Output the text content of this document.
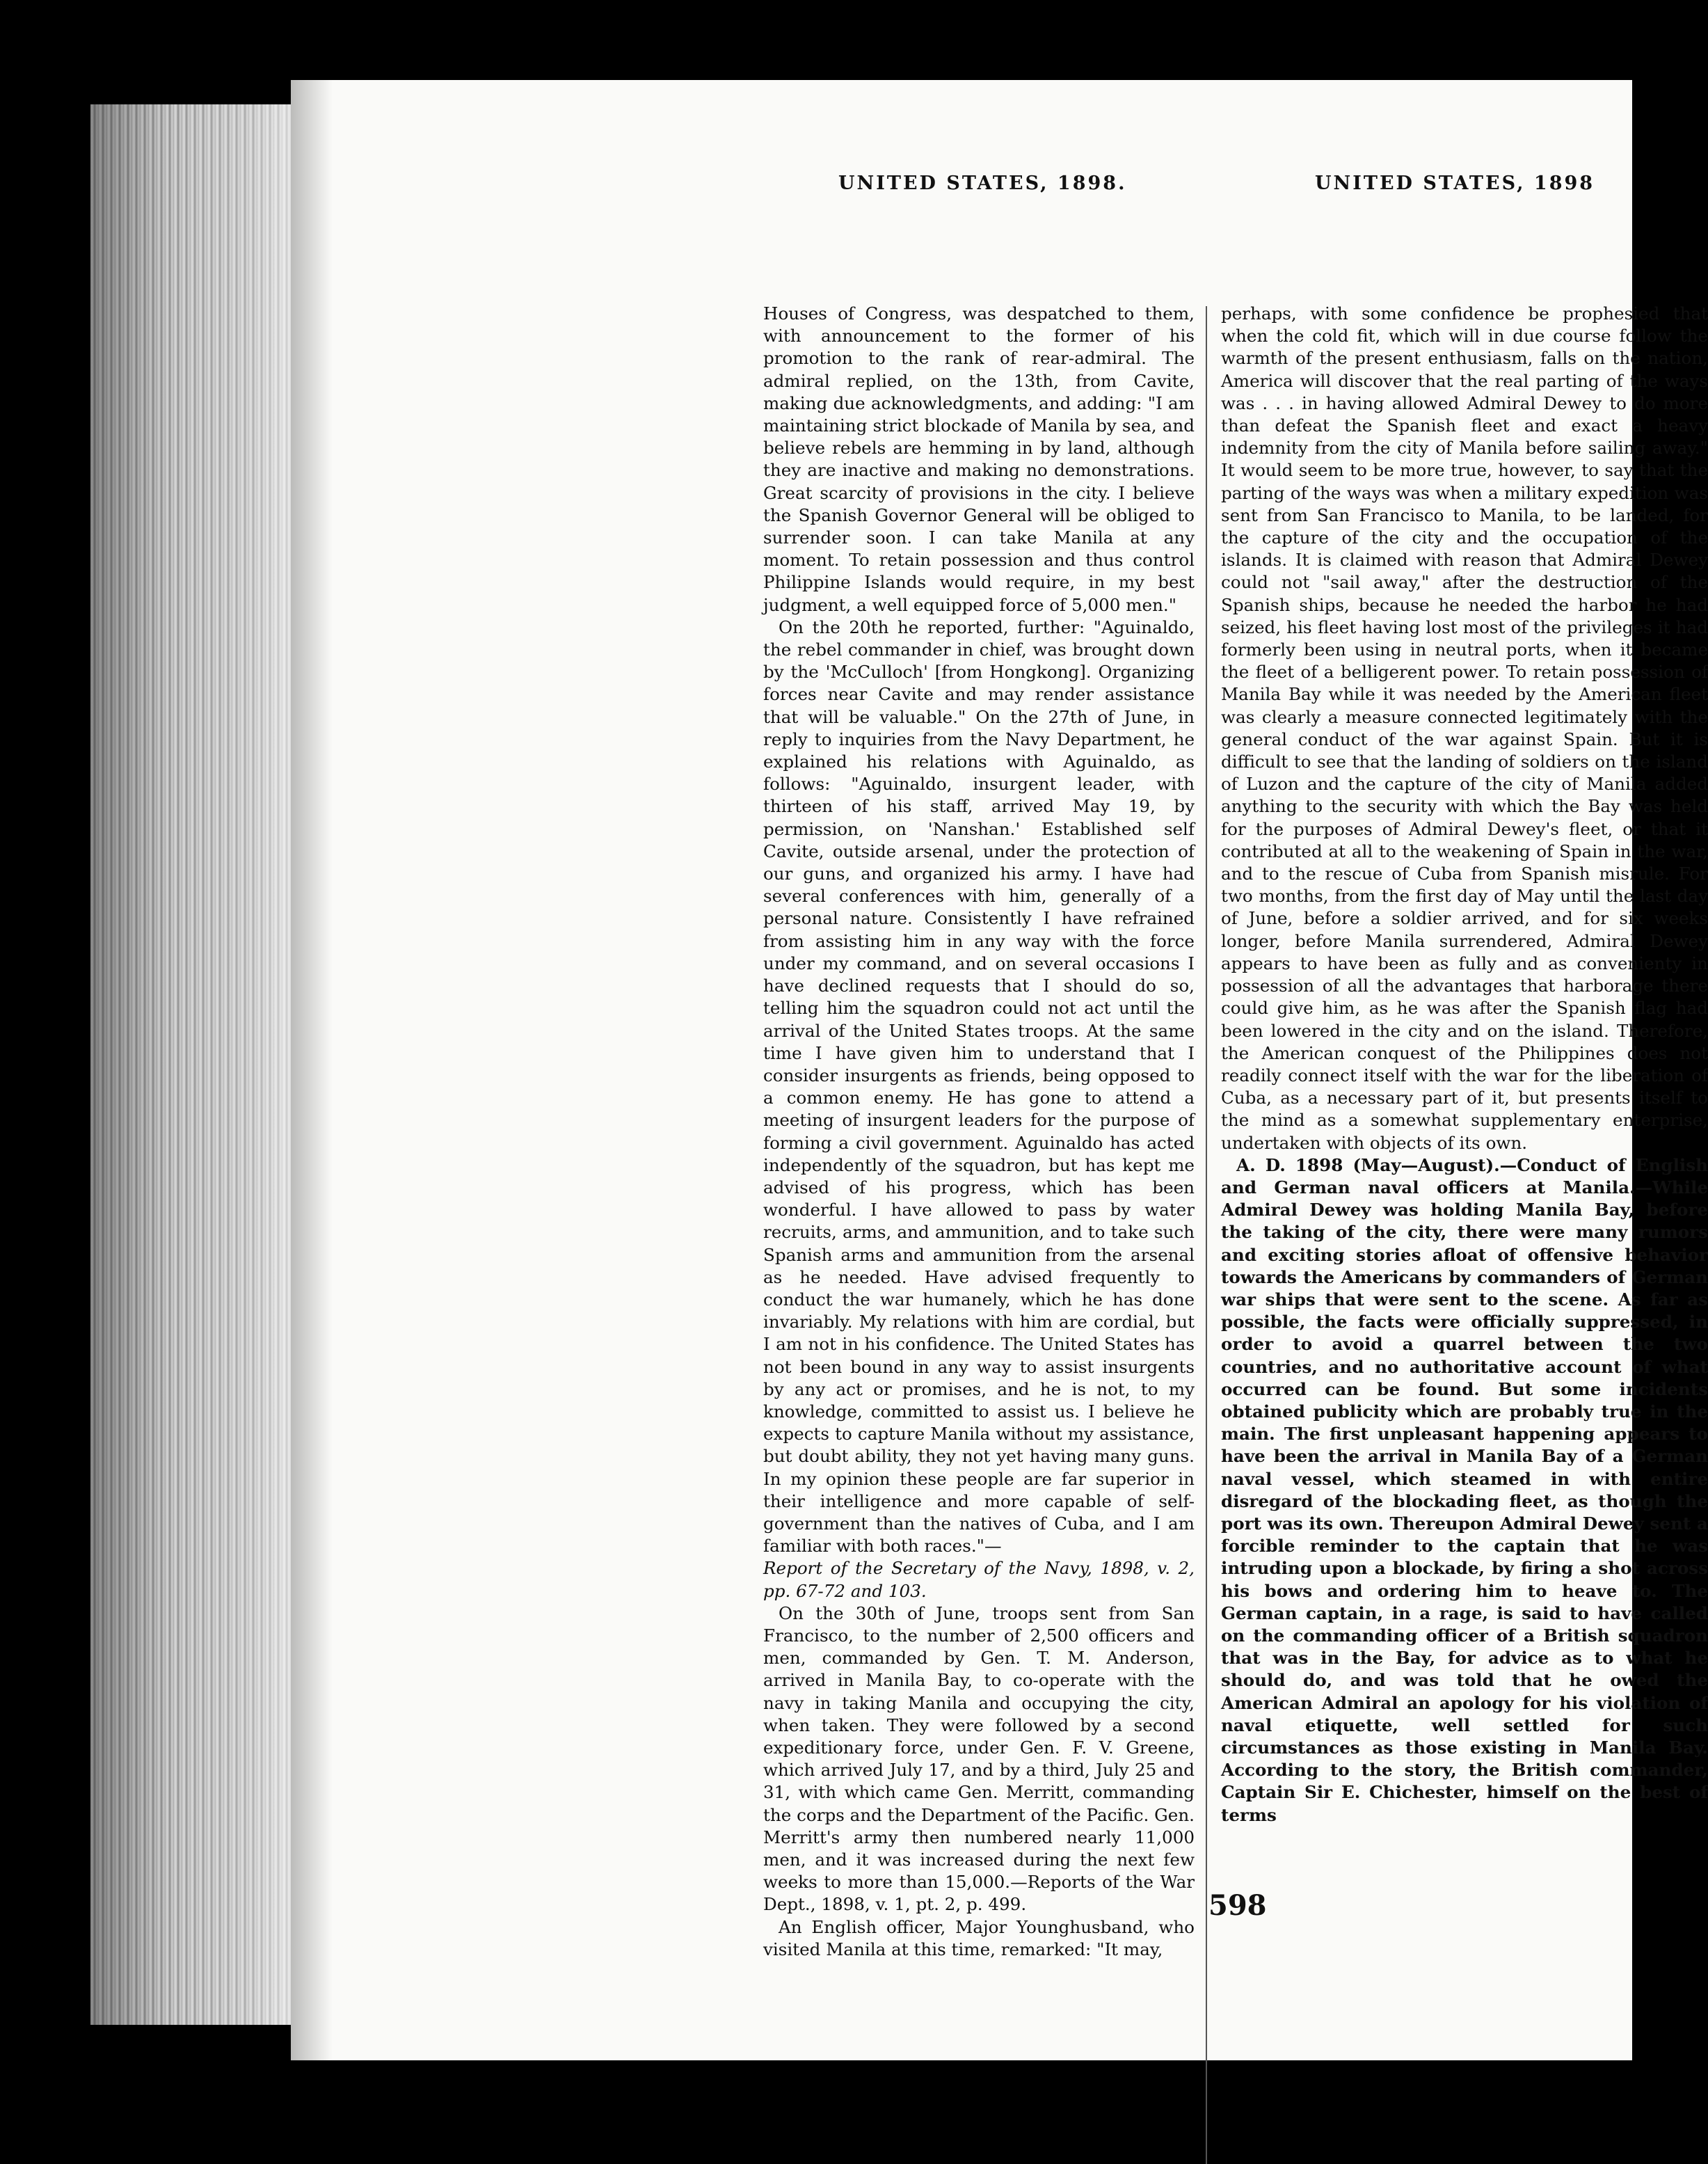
UNITED STATES, 1898.	UNITED STATES, 1898

Houses of Congress, was despatched to them, with announcement to the former of his promotion to the rank of rear-admiral. The admiral replied, on the 13th, from Cavite, making due acknowledgments, and adding: "I am maintaining strict blockade of Manila by sea, and believe rebels are hemming in by land, although they are inactive and making no demonstrations. Great scarcity of provisions in the city. I believe the Spanish Governor General will be obliged to surrender soon. I can take Manila at any moment. To retain possession and thus control Philippine Islands would require, in my best judgment, a well equipped force of 5,000 men."

On the 20th he reported, further: "Aguinaldo, the rebel commander in chief, was brought down by the 'McCulloch' [from Hongkong]. Organizing forces near Cavite and may render assistance that will be valuable." On the 27th of June, in reply to inquiries from the Navy Department, he explained his relations with Aguinaldo, as follows: "Aguinaldo, insurgent leader, with thirteen of his staff, arrived May 19, by permission, on 'Nanshan.' Established self Cavite, outside arsenal, under the protection of our guns, and organized his army. I have had several conferences with him, generally of a personal nature. Consistently I have refrained from assisting him in any way with the force under my command, and on several occasions I have declined requests that I should do so, telling him the squadron could not act until the arrival of the United States troops. At the same time I have given him to understand that I consider insurgents as friends, being opposed to a common enemy. He has gone to attend a meeting of insurgent leaders for the purpose of forming a civil government. Aguinaldo has acted independently of the squadron, but has kept me advised of his progress, which has been wonderful. I have allowed to pass by water recruits, arms, and ammunition, and to take such Spanish arms and ammunition from the arsenal as he needed. Have advised frequently to conduct the war humanely, which he has done invariably. My relations with him are cordial, but I am not in his confidence. The United States has not been bound in any way to assist insurgents by any act or promises, and he is not, to my knowledge, committed to assist us. I believe he expects to capture Manila without my assistance, but doubt ability, they not yet having many guns. In my opinion these people are far superior in their intelligence and more capable of self-government than the natives of Cuba, and I am familiar with both races."—

Report of the Secretary of the Navy, 1898, v. 2, pp. 67-72 and 103.

On the 30th of June, troops sent from San Francisco, to the number of 2,500 officers and men, commanded by Gen. T. M. Anderson, arrived in Manila Bay, to co-operate with the navy in taking Manila and occupying the city, when taken. They were followed by a second expeditionary force, under Gen. F. V. Greene, which arrived July 17, and by a third, July 25 and 31, with which came Gen. Merritt, commanding the corps and the Department of the Pacific. Gen. Merritt's army then numbered nearly 11,000 men, and it was increased during the next few weeks to more than 15,000.—Reports of the War Dept., 1898, v. 1, pt. 2, p. 499.

An English officer, Major Younghusband, who visited Manila at this time, remarked: "It may,

perhaps, with some confidence be prophesied that when the cold fit, which will in due course follow the warmth of the present enthusiasm, falls on the nation, America will discover that the real parting of the ways was . . . in having allowed Admiral Dewey to do more than defeat the Spanish fleet and exact a heavy indemnity from the city of Manila before sailing away." It would seem to be more true, however, to say that the parting of the ways was when a military expedition was sent from San Francisco to Manila, to be landed, for the capture of the city and the occupation of the islands. It is claimed with reason that Admiral Dewey could not "sail away," after the destruction of the Spanish ships, because he needed the harbor he had seized, his fleet having lost most of the privileges it had formerly been using in neutral ports, when it became the fleet of a belligerent power. To retain possession of Manila Bay while it was needed by the American fleet was clearly a measure connected legitimately with the general conduct of the war against Spain. But it is difficult to see that the landing of soldiers on the island of Luzon and the capture of the city of Manila added anything to the security with which the Bay was held for the purposes of Admiral Dewey's fleet, or that it contributed at all to the weakening of Spain in the war, and to the rescue of Cuba from Spanish misrule. For two months, from the first day of May until the last day of June, before a soldier arrived, and for six weeks longer, before Manila surrendered, Admiral Dewey appears to have been as fully and as convenienty in possession of all the advantages that harborage there could give him, as he was after the Spanish flag had been lowered in the city and on the island. Therefore, the American conquest of the Philippines does not readily connect itself with the war for the liberation of Cuba, as a necessary part of it, but presents itself to the mind as a somewhat supplementary enterprise, undertaken with objects of its own.

A. D. 1898 (May—August).—Conduct of English and German naval officers at Manila.—While Admiral Dewey was holding Manila Bay, before the taking of the city, there were many rumors and exciting stories afloat of offensive behavior towards the Americans by commanders of German war ships that were sent to the scene. As far as possible, the facts were officially suppressed, in order to avoid a quarrel between the two countries, and no authoritative account of what occurred can be found. But some incidents obtained publicity which are probably true in the main. The first unpleasant happening appears to have been the arrival in Manila Bay of a German naval vessel, which steamed in with entire disregard of the blockading fleet, as though the port was its own. Thereupon Admiral Dewey sent a forcible reminder to the captain that he was intruding upon a blockade, by firing a shot across his bows and ordering him to heave to. The German captain, in a rage, is said to have called on the commanding officer of a British squadron that was in the Bay, for advice as to what he should do, and was told that he owed the American Admiral an apology for his violation of naval etiquette, well settled for such circumstances as those existing in Manila Bay. According to the story, the British commander, Captain Sir E. Chichester, himself on the best of terms

598
